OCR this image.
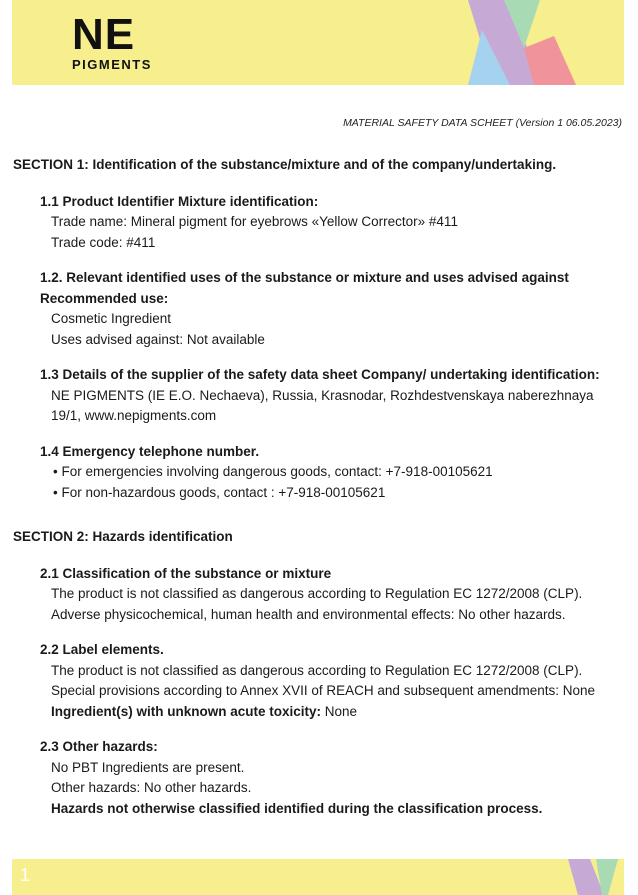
NE
PIGMENTS
MATERIAL SAFETY DATA SCHEET (Version 1 06.05.2023)
SECTION 1: Identification of the substance/mixture and of the company/undertaking.
1.1 Product Identifier Mixture identification:
Trade name: Mineral pigment for eyebrows «Yellow Corrector» #411
Trade code: #411
1.2. Relevant identified uses of the substance or mixture and uses advised against
Recommended use:
Cosmetic Ingredient
Uses advised against: Not available
1.3 Details of the supplier of the safety data sheet Company/ undertaking identification:
NE PIGMENTS (IE E.O. Nechaeva), Russia, Krasnodar, Rozhdestvenskaya naberezhnaya
19/1, www.nepigments.com
1.4 Emergency telephone number.
• For emergencies involving dangerous goods, contact: +7-918-00105621
• For non-hazardous goods, contact : +7-918-00105621
SECTION 2: Hazards identification
2.1 Classification of the substance or mixture
The product is not classified as dangerous according to Regulation EC 1272/2008 (CLP).
Adverse physicochemical, human health and environmental effects: No other hazards.
2.2 Label elements.
The product is not classified as dangerous according to Regulation EC 1272/2008 (CLP).
Special provisions according to Annex XVII of REACH and subsequent amendments: None
Ingredient(s) with unknown acute toxicity: None
2.3 Other hazards:
No PBT Ingredients are present.
Other hazards: No other hazards.
Hazards not otherwise classified identified during the classification process.
1
